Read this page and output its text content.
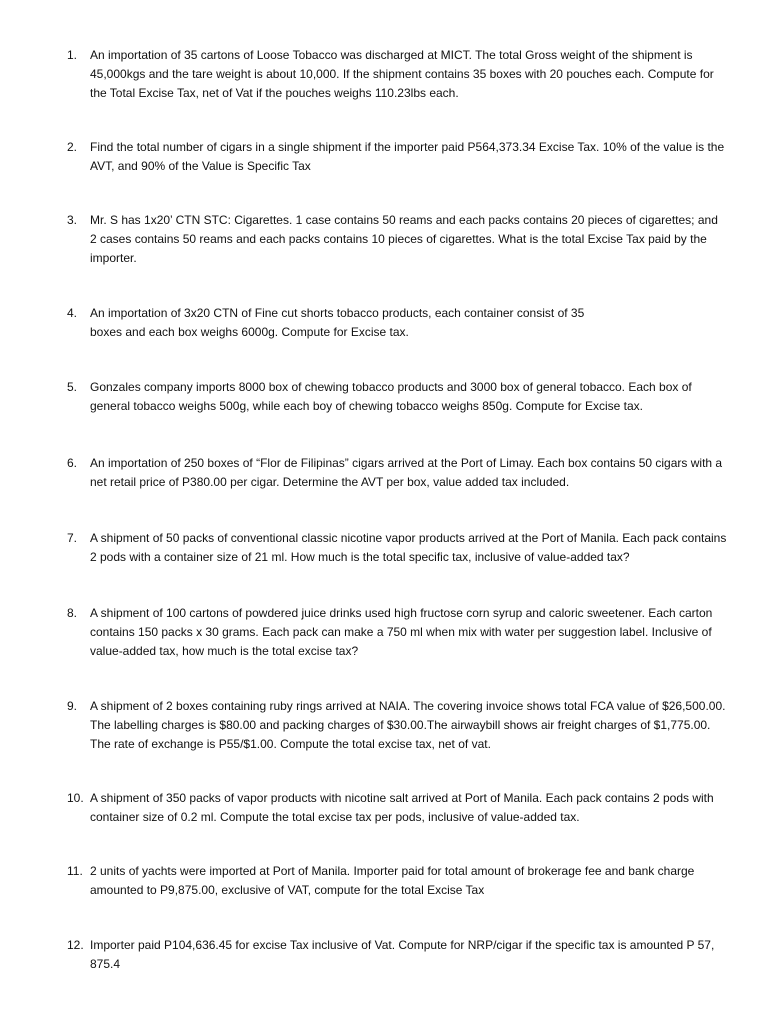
1.	An importation of 35 cartons of Loose Tobacco was discharged at MICT. The total Gross weight of the shipment is 45,000kgs and the tare weight is about 10,000. If the shipment contains 35 boxes with 20 pouches each. Compute for the Total Excise Tax, net of Vat if the pouches weighs 110.23lbs each.
2.	Find the total number of cigars in a single shipment if the importer paid P564,373.34 Excise Tax. 10% of the value is the AVT, and 90% of the Value is Specific Tax
3.	Mr. S has 1x20’ CTN STC: Cigarettes. 1 case contains 50 reams and each packs contains 20 pieces of cigarettes; and 2 cases contains 50 reams and each packs contains 10 pieces of cigarettes. What is the total Excise Tax paid by the importer.
4.	An importation of 3x20 CTN of Fine cut shorts tobacco products, each container consist of 35 boxes and each box weighs 6000g. Compute for Excise tax.
5.	Gonzales company imports 8000 box of chewing tobacco products and 3000 box of general tobacco. Each box of general tobacco weighs 500g, while each boy of chewing tobacco weighs 850g. Compute for Excise tax.
6.	An importation of 250 boxes of “Flor de Filipinas” cigars arrived at the Port of Limay. Each box contains 50 cigars with a net retail price of P380.00 per cigar. Determine the AVT per box, value added tax included.
7.	A shipment of 50 packs of conventional classic nicotine vapor products arrived at the Port of Manila. Each pack contains 2 pods with a container size of 21 ml. How much is the total specific tax, inclusive of value-added tax?
8.	A shipment of 100 cartons of powdered juice drinks used high fructose corn syrup and caloric sweetener. Each carton contains 150 packs x 30 grams. Each pack can make a 750 ml when mix with water per suggestion label. Inclusive of value-added tax, how much is the total excise tax?
9.	A shipment of 2 boxes containing ruby rings arrived at NAIA. The covering invoice shows total FCA value of $26,500.00. The labelling charges is $80.00 and packing charges of $30.00.The airwaybill shows air freight charges of $1,775.00. The rate of exchange is P55/$1.00. Compute the total excise tax, net of vat.
10. A shipment of 350 packs of vapor products with nicotine salt arrived at Port of Manila. Each pack contains 2 pods with container size of 0.2 ml. Compute the total excise tax per pods, inclusive of value-added tax.
11. 2 units of yachts were imported at Port of Manila. Importer paid for total amount of brokerage fee and bank charge amounted to P9,875.00, exclusive of VAT, compute for the total Excise Tax
12. Importer paid P104,636.45 for excise Tax inclusive of Vat. Compute for NRP/cigar if the specific tax is amounted P 57, 875.4
